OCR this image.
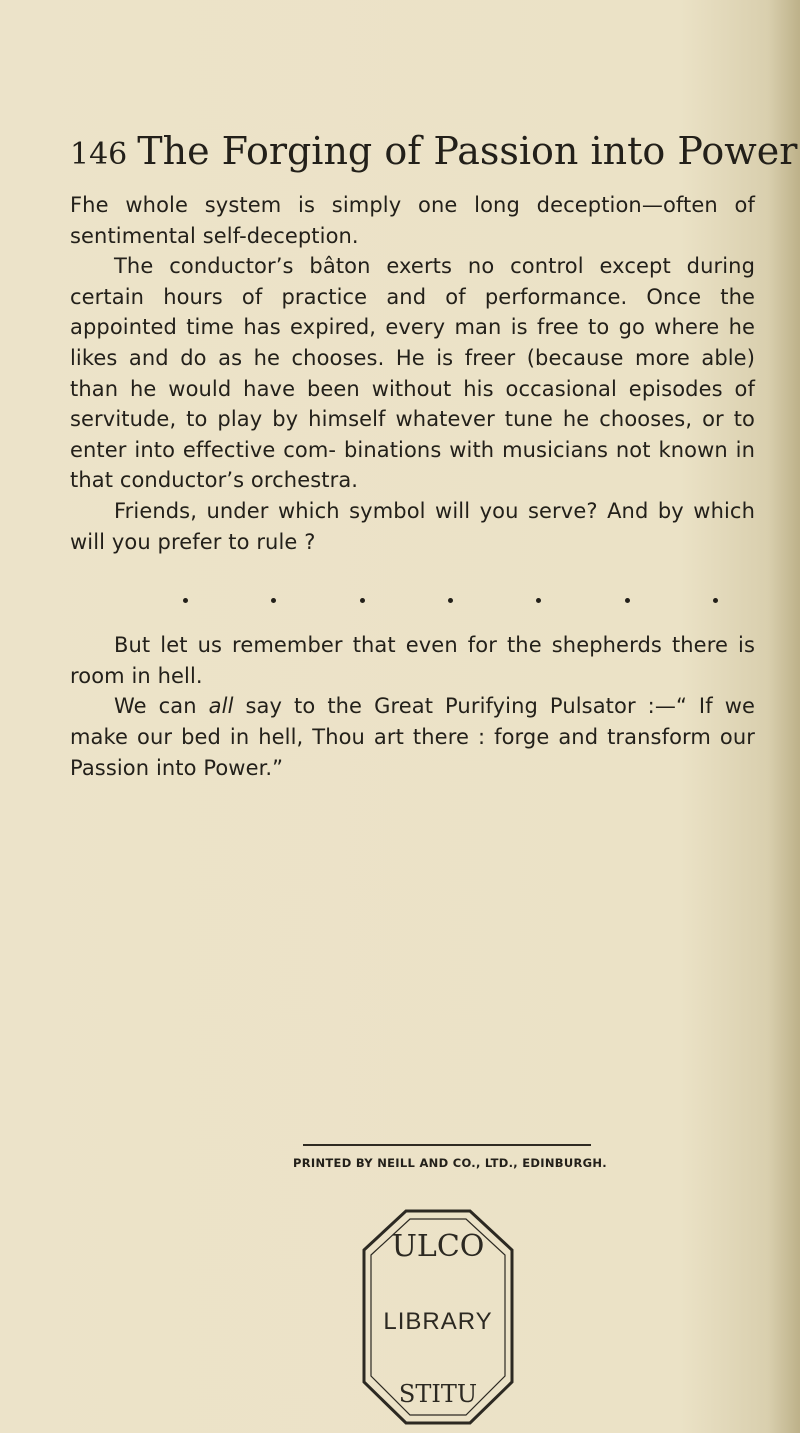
146 The Forging of Passion into Power

Fhe whole system is simply one long deception—often of sentimental self-deception.

The conductor’s bâton exerts no control except during certain hours of practice and of performance. Once the appointed time has expired, every man is free to go where he likes and do as he chooses. He is freer (because more able) than he would have been without his occasional episodes of servitude, to play by himself whatever tune he chooses, or to enter into effective com- binations with musicians not known in that conductor’s orchestra.

Friends, under which symbol will you serve? And by which will you prefer to rule ?

But let us remember that even for the shepherds there is room in hell.

We can all say to the Great Purifying Pulsator :—“ If we make our bed in hell, Thou art there : forge and transform our Passion into Power.”

PRINTED BY NEILL AND CO., LTD., EDINBURGH.
ULCO
LIBRARY
STITU
